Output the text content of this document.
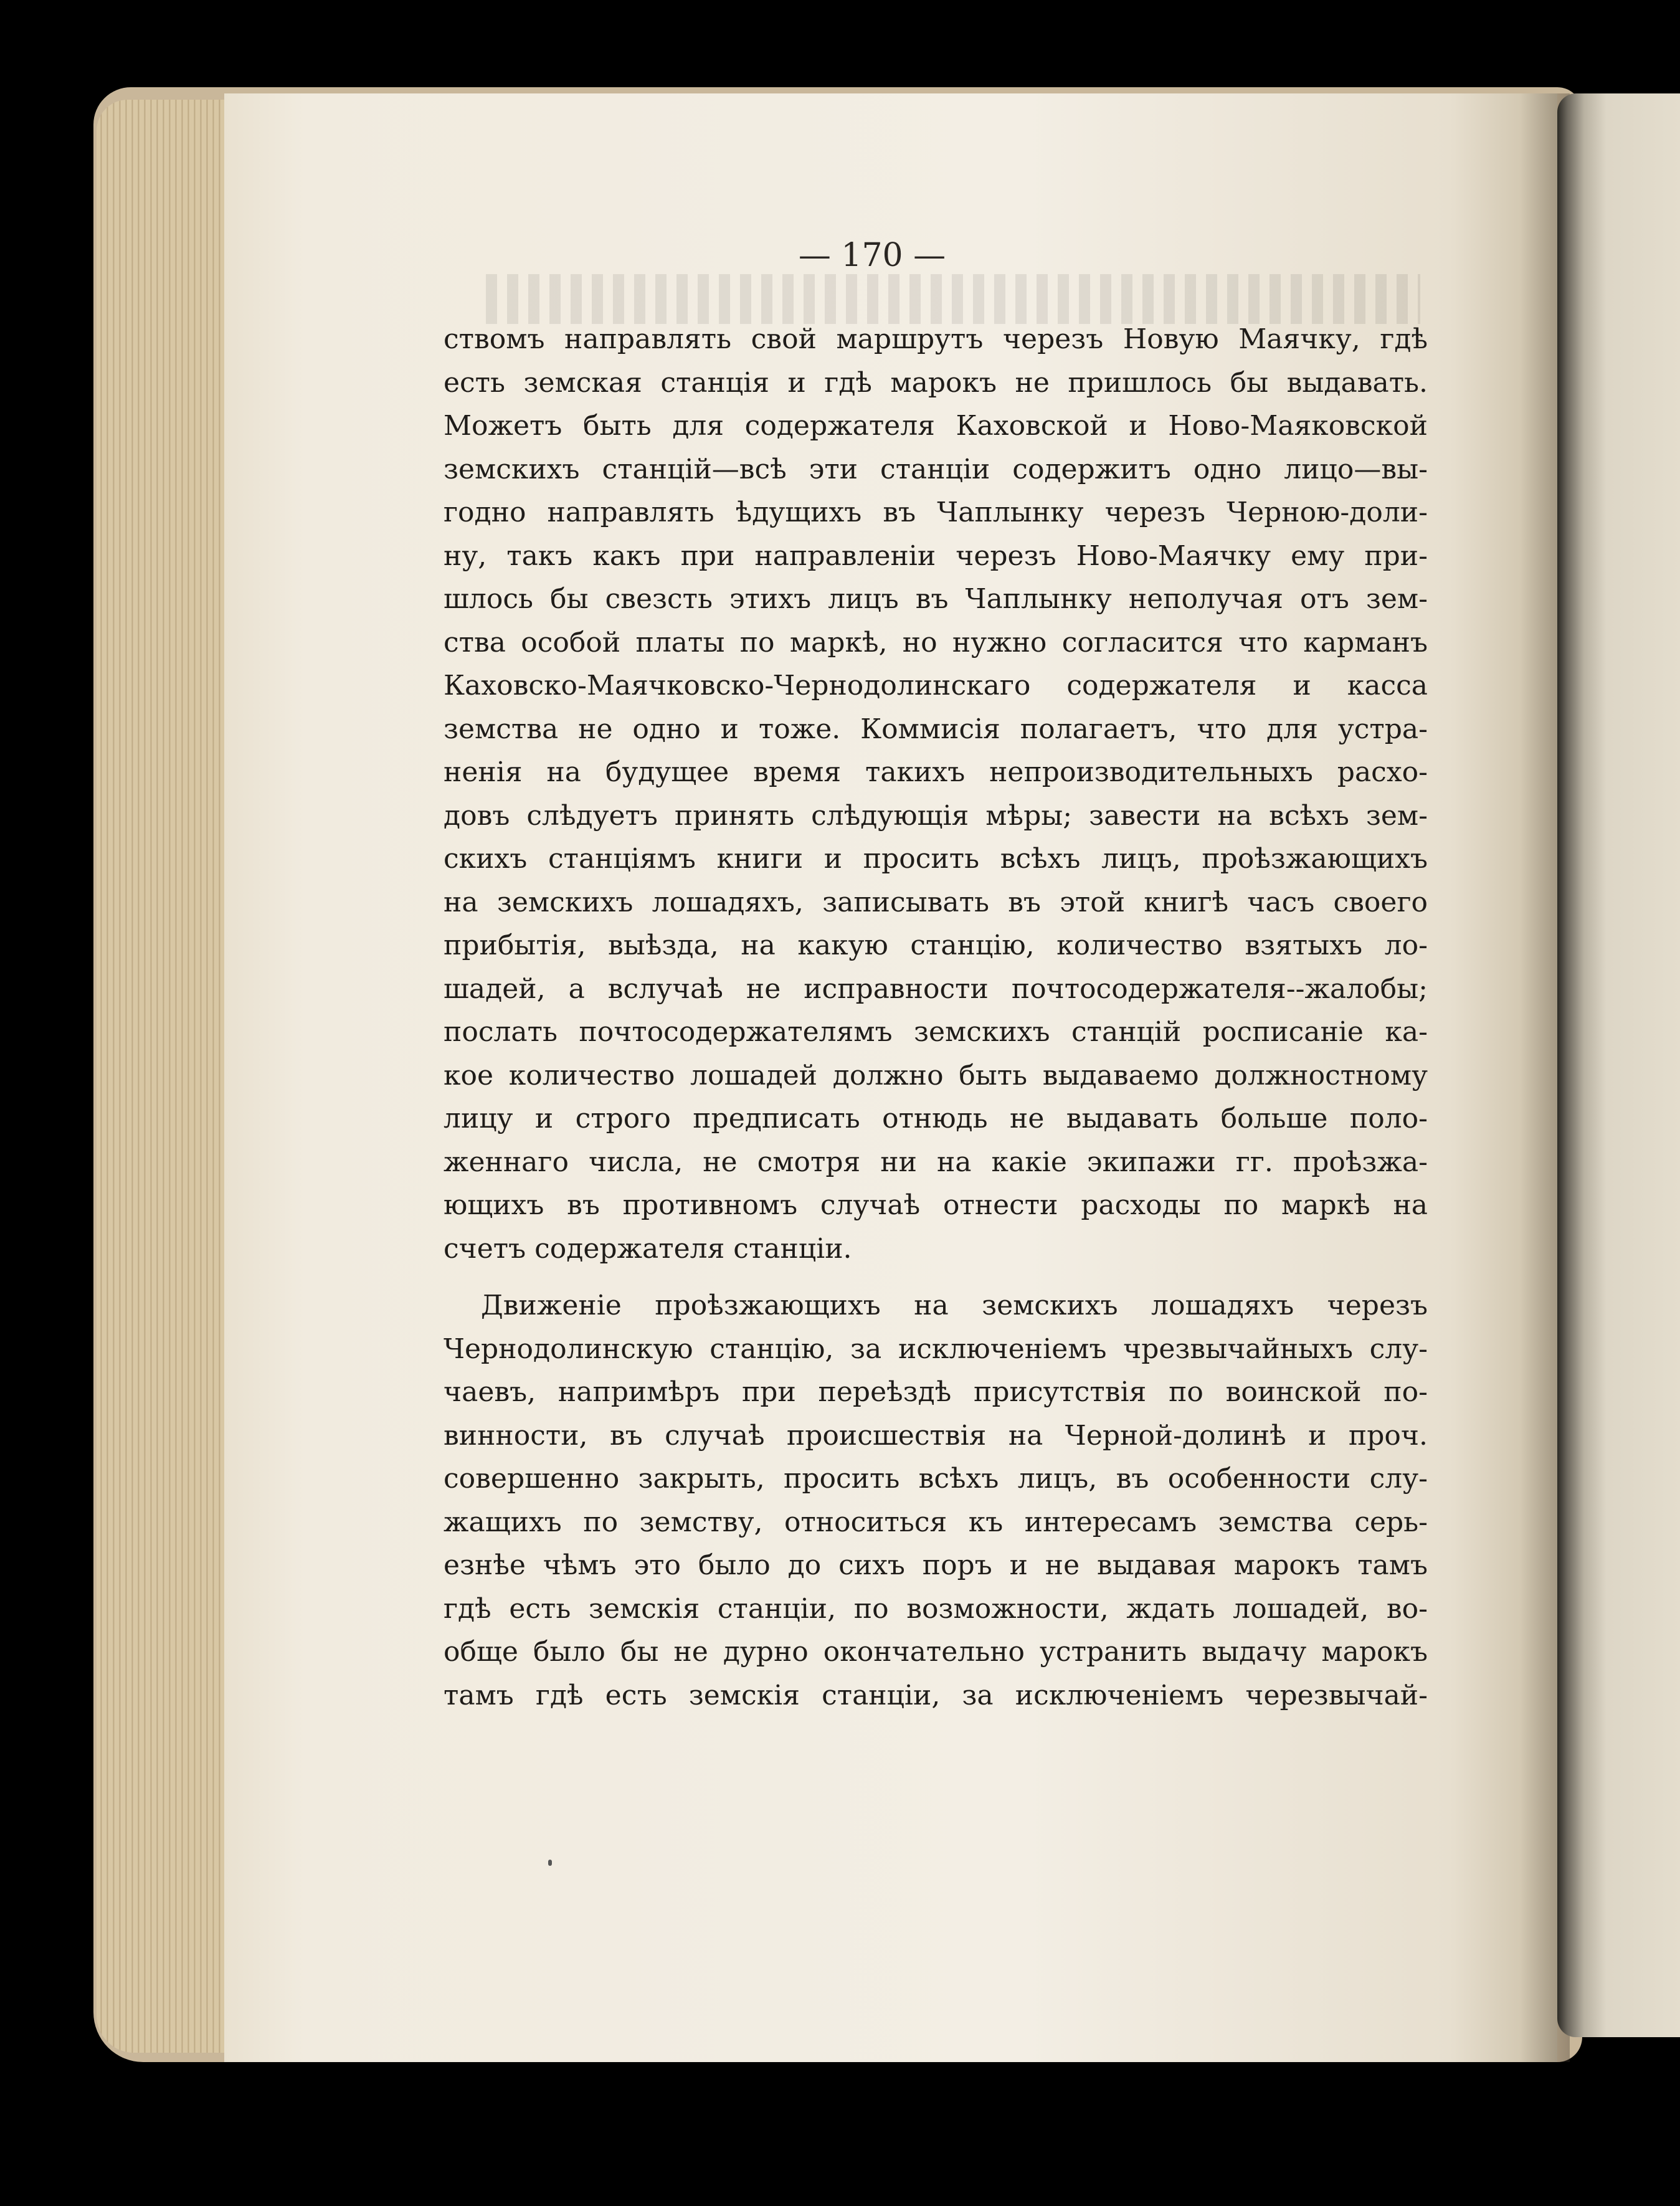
— 170 —
ствомъ направлять свой маршрутъ черезъ Новую Маячку, гдѣ
есть земская станція и гдѣ марокъ не пришлось бы выдавать.
Можетъ быть для содержателя Каховской и Ново-Маяковской
земскихъ станцій—всѣ эти станціи содержитъ одно лицо—вы-
годно направлять ѣдущихъ въ Чаплынку черезъ Черною-доли-
ну, такъ какъ при направленіи черезъ Ново-Маячку ему при-
шлось бы свезсть этихъ лицъ въ Чаплынку неполучая отъ зем-
ства особой платы по маркѣ, но нужно согласится что карманъ
Каховско-Маячковско-Чернодолинскаго содержателя и касса
земства не одно и тоже. Коммисія полагаетъ, что для устра-
ненія на будущее время такихъ непроизводительныхъ расхо-
довъ слѣдуетъ принять слѣдующія мѣры; завести на всѣхъ зем-
скихъ станціямъ книги и просить всѣхъ лицъ, проѣзжающихъ
на земскихъ лошадяхъ, записывать въ этой книгѣ часъ своего
прибытія, выѣзда, на какую станцію, количество взятыхъ ло-
шадей, а вслучаѣ не исправности почтосодержателя--жалобы;
послать почтосодержателямъ земскихъ станцій росписаніе ка-
кое количество лошадей должно быть выдаваемо должностному
лицу и строго предписать отнюдь не выдавать больше поло-
женнаго числа, не смотря ни на какіе экипажи гг. проѣзжа-
ющихъ въ противномъ случаѣ отнести расходы по маркѣ на
счетъ содержателя станціи.
Движеніе проѣзжающихъ на земскихъ лошадяхъ черезъ
Чернодолинскую станцію, за исключеніемъ чрезвычайныхъ слу-
чаевъ, напримѣръ при переѣздѣ присутствія по воинской по-
винности, въ случаѣ происшествія на Черной-долинѣ и проч.
совершенно закрыть, просить всѣхъ лицъ, въ особенности слу-
жащихъ по земству, относиться къ интересамъ земства серь-
езнѣе чѣмъ это было до сихъ поръ и не выдавая марокъ тамъ
гдѣ есть земскія станціи, по возможности, ждать лошадей, во-
обще было бы не дурно окончательно устранить выдачу марокъ
тамъ гдѣ есть земскія станціи, за исключеніемъ черезвычай-
